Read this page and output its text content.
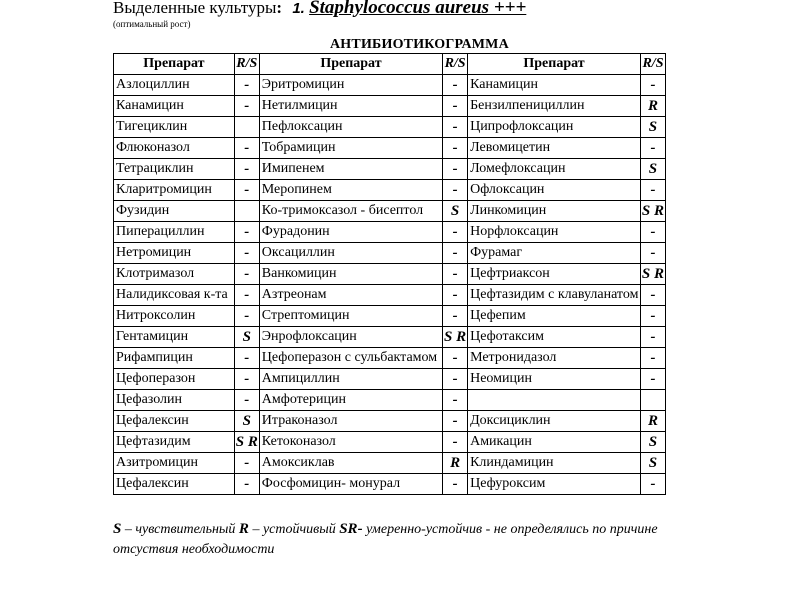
Выделенные культуры: 1. Staphylococcus aureus +++
(оптимальный рост)
АНТИБИОТИКОГРАММА
Препарат	R/S	Препарат	R/S	Препарат	R/S
Азлоциллин	-	Эритромицин	-	Канамицин	-
Канамицин	-	Нетилмицин	-	Бензилпенициллин	R
Тигециклин		Пефлоксацин	-	Ципрофлоксацин	S
Флюконазол	-	Тобрамицин	-	Левомицетин	-
Тетрациклин	-	Имипенем	-	Ломефлоксацин	S
Кларитромицин	-	Меропинем	-	Офлоксацин	-
Фузидин		Ко-тримоксазол - бисептол	S	Линкомицин	S R
Пиперациллин	-	Фурадонин	-	Норфлоксацин	-
Нетромицин	-	Оксациллин	-	Фурамаг	-
Клотримазол	-	Ванкомицин	-	Цефтриаксон	S R
Налидиксовая к-та	-	Азтреонам	-	Цефтазидим с клавуланатом	-
Нитроксолин	-	Стрептомицин	-	Цефепим	-
Гентамицин	S	Энрофлоксацин	S R	Цефотаксим	-
Рифампицин	-	Цефоперазон с сульбактамом	-	Метронидазол	-
Цефоперазон	-	Ампициллин	-	Неомицин	-
Цефазолин	-	Амфотерицин	-		
Цефалексин	S	Итраконазол	-	Доксициклин	R
Цефтазидим	S R	Кетоконазол	-	Амикацин	S
Азитромицин	-	Амоксиклав	R	Клиндамицин	S
Цефалексин	-	Фосфомицин- монурал	-	Цефуроксим	-
S – чувствительный R – устойчивый SR- умеренно-устойчив - не определялись по причине отсуствия необходимости
